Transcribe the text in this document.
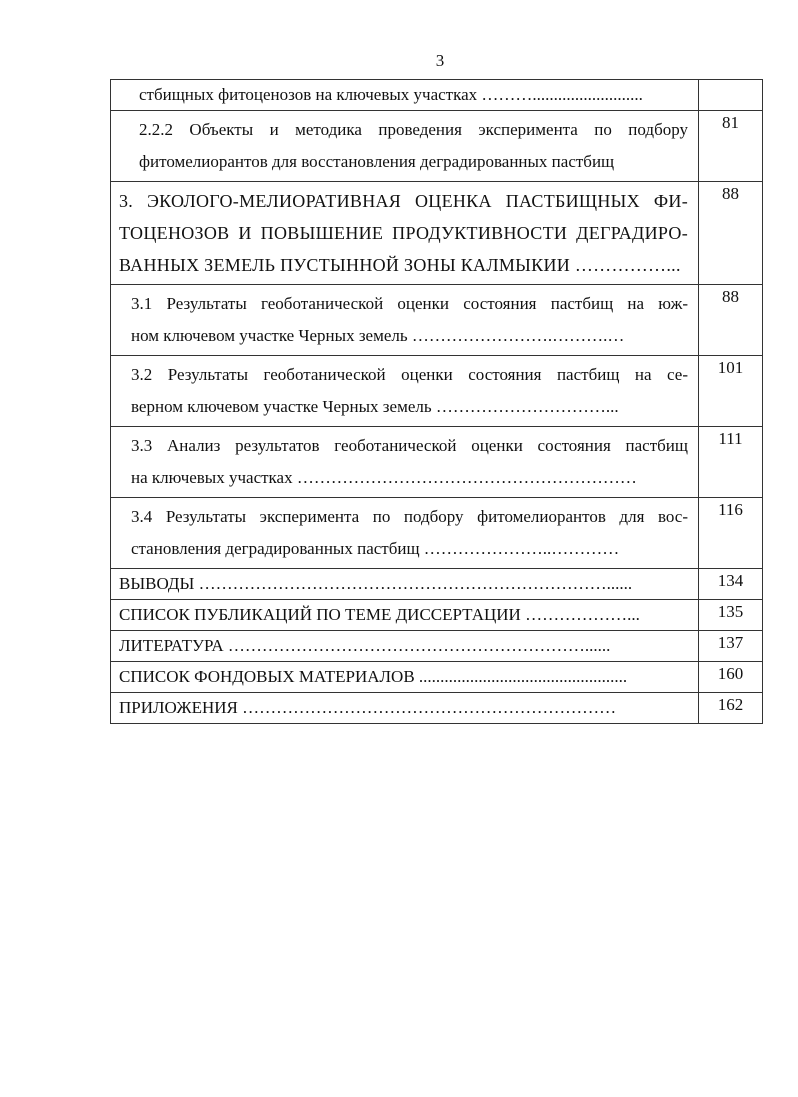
3
стбищных фитоценозов на ключевых участках ………..........................	

2.2.2 Объекты и методика проведения эксперимента по подбору
фитомелиорантов для восстановления деградированных пастбищ	81

3. ЭКОЛОГО-МЕЛИОРАТИВНАЯ ОЦЕНКА ПАСТБИЩНЫХ ФИ-
ТОЦЕНОЗОВ И ПОВЫШЕНИЕ ПРОДУКТИВНОСТИ ДЕГРАДИРО-
ВАННЫХ ЗЕМЕЛЬ ПУСТЫННОЙ ЗОНЫ КАЛМЫКИИ ……………...	88

3.1 Результаты геоботанической оценки состояния пастбищ на юж-
ном ключевом участке Черных земель …………………….……….…	88

3.2 Результаты геоботанической оценки состояния пастбищ на се-
верном ключевом участке Черных земель …………………………...	101

3.3 Анализ результатов геоботанической оценки состояния пастбищ
на ключевых участках ……………………………………………………	111

3.4 Результаты эксперимента по подбору фитомелиорантов для вос-
становления деградированных пастбищ …………………..…………	116

ВЫВОДЫ ………………………………………………………………......	134

СПИСОК ПУБЛИКАЦИЙ ПО ТЕМЕ ДИССЕРТАЦИИ ………………...	135

ЛИТЕРАТУРА ………………………………………………………......	137

СПИСОК ФОНДОВЫХ МАТЕРИАЛОВ .................................................	160

ПРИЛОЖЕНИЯ …………………………………………………………	162
